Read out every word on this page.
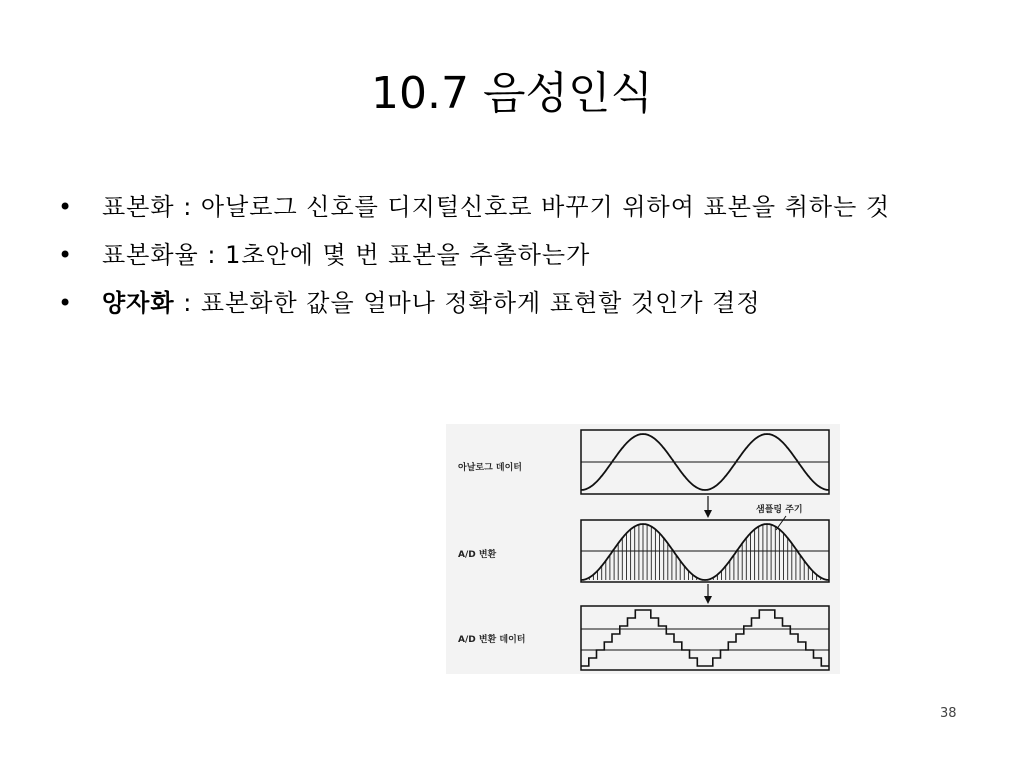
10.7 음성인식
• 표본화 : 아날로그 신호를 디지털신호로 바꾸기 위하여 표본을 취하는 것
• 표본화율 : 1초안에 몇 번 표본을 추출하는가
• 양자화 : 표본화한 값을 얼마나 정확하게 표현할 것인가 결정
아날로그 데이터
A/D 변환
A/D 변환 데이터
샘플링 주기
38
